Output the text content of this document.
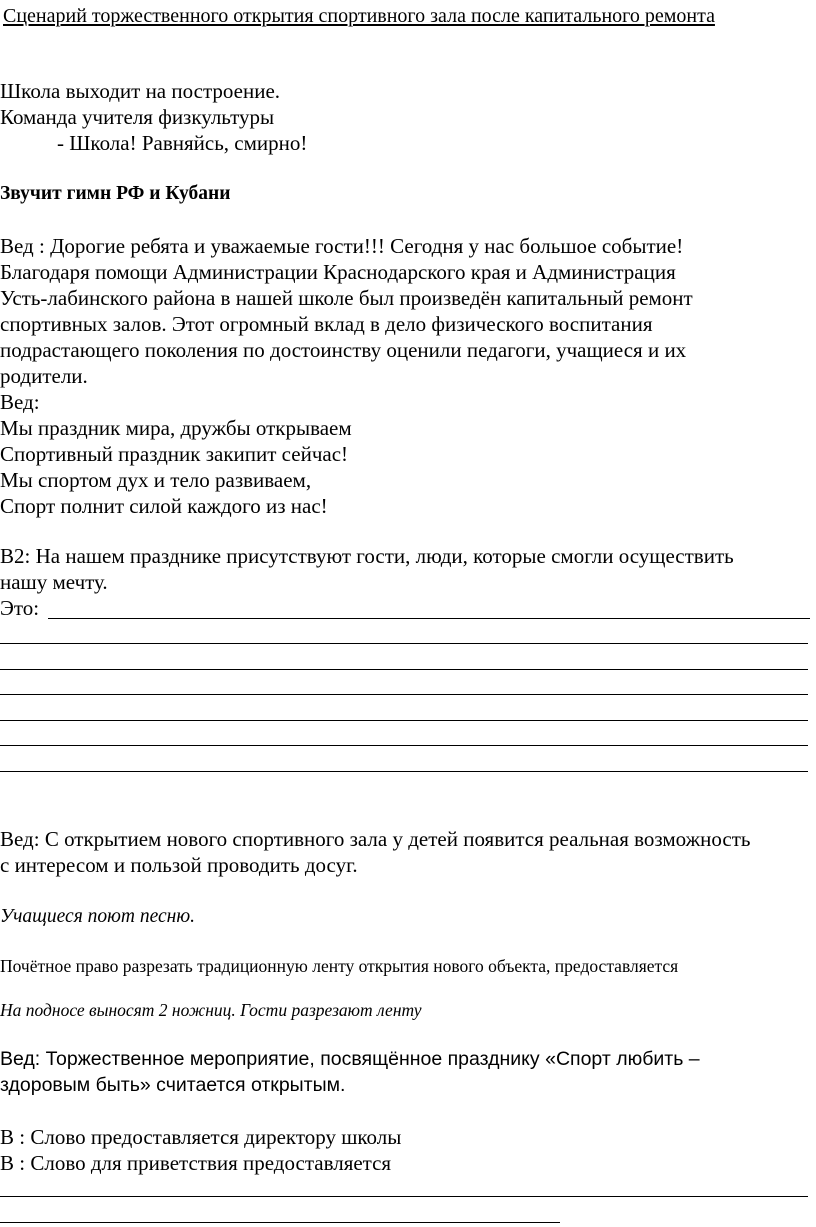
Сценарий торжественного открытия спортивного зала после капитального ремонта
Школа выходит на построение.
Команда учителя физкультуры
- Школа! Равняйсь, смирно!
Звучит гимн РФ и Кубани
Вед : Дорогие ребята и уважаемые гости!!! Сегодня у нас большое событие!
Благодаря помощи Администрации Краснодарского края и Администрация
Усть-лабинского района в нашей школе был произведён капитальный ремонт
спортивных залов. Этот огромный вклад в дело физического воспитания
подрастающего поколения по достоинству оценили педагоги, учащиеся и их
родители.
Вед:
Мы праздник мира, дружбы открываем
Спортивный праздник закипит сейчас!
Мы спортом дух и тело развиваем,
Спорт полнит силой каждого из нас!
В2: На нашем празднике присутствуют гости, люди, которые смогли осуществить
нашу мечту.
Это:
Вед: С открытием нового спортивного зала у детей появится реальная возможность
с интересом и пользой проводить досуг.
Учащиеся поют песню.
Почётное право разрезать традиционную ленту открытия нового объекта, предоставляется
На подносе выносят 2 ножниц. Гости разрезают ленту
Вед: Торжественное мероприятие, посвящённое празднику «Спорт любить –
здоровым быть» считается открытым.
В : Слово предоставляется директору школы
В : Слово для приветствия предоставляется
